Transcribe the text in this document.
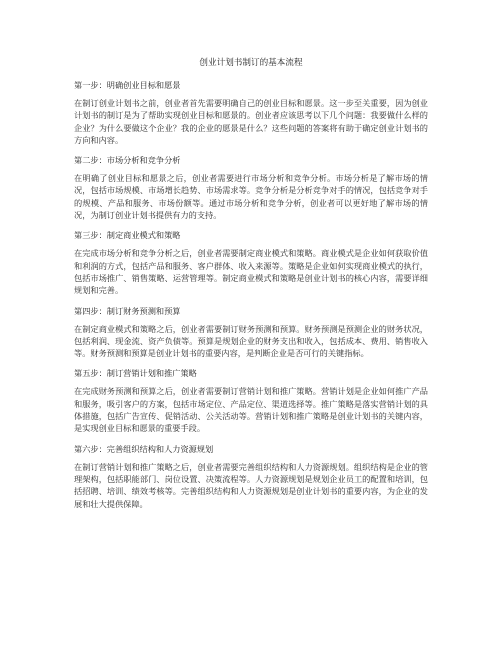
创业计划书制订的基本流程
第一步：明确创业目标和愿景

在制订创业计划书之前，创业者首先需要明确自己的创业目标和愿景。这一步至关重要，因为创业计划书的制订是为了帮助实现创业目标和愿景的。创业者应该思考以下几个问题：我要做什么样的企业？为什么要做这个企业？我的企业的愿景是什么？这些问题的答案将有助于确定创业计划书的方向和内容。

第二步：市场分析和竞争分析

在明确了创业目标和愿景之后，创业者需要进行市场分析和竞争分析。市场分析是了解市场的情况，包括市场规模、市场增长趋势、市场需求等。竞争分析是分析竞争对手的情况，包括竞争对手的规模、产品和服务、市场份额等。通过市场分析和竞争分析，创业者可以更好地了解市场的情况，为制订创业计划书提供有力的支持。

第三步：制定商业模式和策略

在完成市场分析和竞争分析之后，创业者需要制定商业模式和策略。商业模式是企业如何获取价值和利润的方式，包括产品和服务、客户群体、收入来源等。策略是企业如何实现商业模式的执行，包括市场推广、销售策略、运营管理等。制定商业模式和策略是创业计划书的核心内容，需要详细规划和完善。

第四步：制订财务预测和预算

在制定商业模式和策略之后，创业者需要制订财务预测和预算。财务预测是预测企业的财务状况，包括利润、现金流、资产负债等。预算是规划企业的财务支出和收入，包括成本、费用、销售收入等。财务预测和预算是创业计划书的重要内容，是判断企业是否可行的关键指标。

第五步：制订营销计划和推广策略

在完成财务预测和预算之后，创业者需要制订营销计划和推广策略。营销计划是企业如何推广产品和服务，吸引客户的方案，包括市场定位、产品定位、渠道选择等。推广策略是落实营销计划的具体措施，包括广告宣传、促销活动、公关活动等。营销计划和推广策略是创业计划书的关键内容，是实现创业目标和愿景的重要手段。

第六步：完善组织结构和人力资源规划

在制订营销计划和推广策略之后，创业者需要完善组织结构和人力资源规划。组织结构是企业的管理架构，包括职能部门、岗位设置、决策流程等。人力资源规划是规划企业员工的配置和培训，包括招聘、培训、绩效考核等。完善组织结构和人力资源规划是创业计划书的重要内容，为企业的发展和壮大提供保障。
